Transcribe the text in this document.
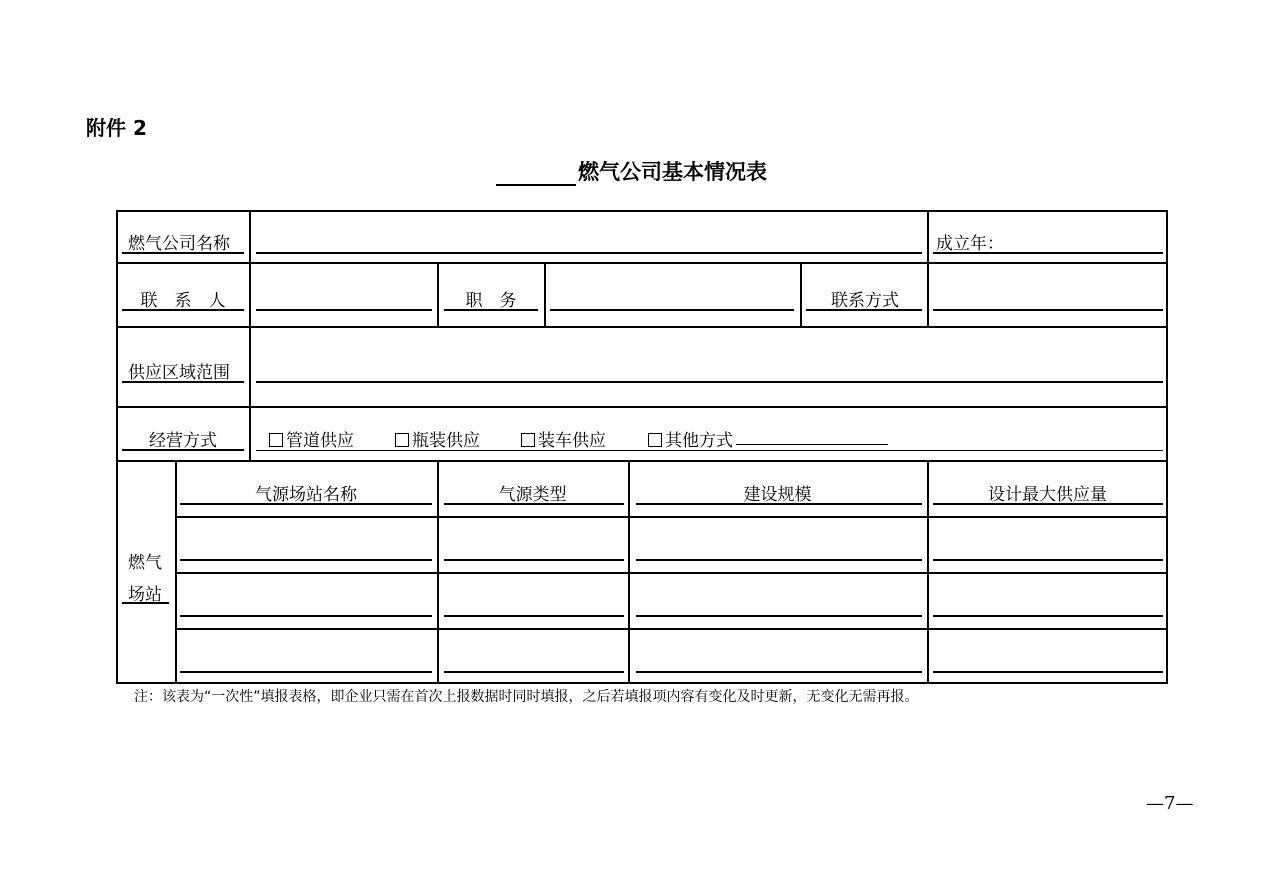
附件 2
燃气公司基本情况表
燃气公司名称	成立年：
联　系　人	职　务	联系方式
供应区域范围
经营方式	管道供应	瓶装供应	装车供应	其他方式
燃气
场站
气源场站名称	气源类型	建设规模	设计最大供应量
注：该表为“一次性”填报表格，即企业只需在首次上报数据时同时填报，之后若填报项内容有变化及时更新，无变化无需再报。
—7—
